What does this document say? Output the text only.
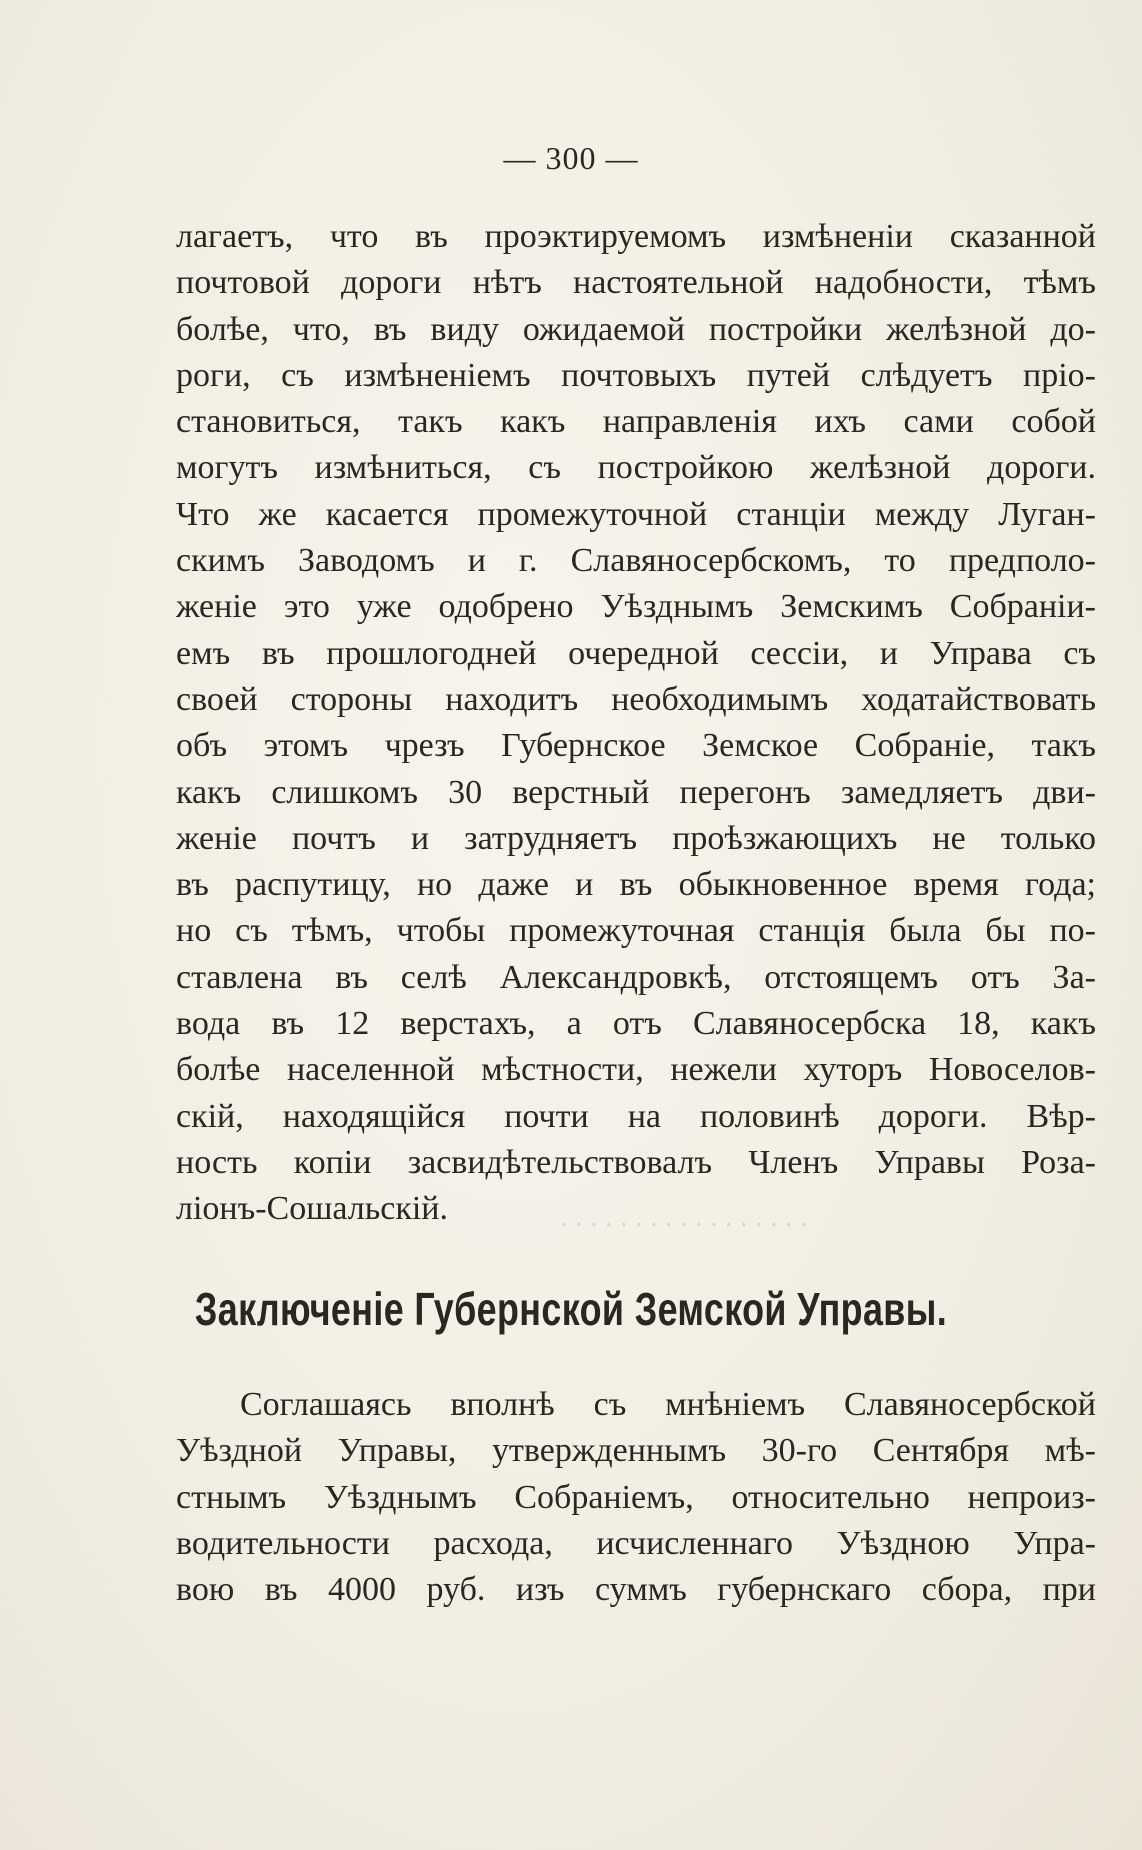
. . . . . . . . . . . . . . . . .
— 300 —
лагаетъ, что въ проэктируемомъ измѣненіи сказанной
почтовой дороги нѣтъ настоятельной надобности, тѣмъ
болѣе, что, въ виду ожидаемой постройки желѣзной до-
роги, съ измѣненіемъ почтовыхъ путей слѣдуетъ пріо-
становиться, такъ какъ направленія ихъ сами собой
могутъ измѣниться, съ постройкою желѣзной дороги.
Что же касается промежуточной станціи между Луган-
скимъ Заводомъ и г. Славяносербскомъ, то предполо-
женіе это уже одобрено Уѣзднымъ Земскимъ Собраніи-
емъ въ прошлогодней очередной сессіи, и Управа съ
своей стороны находитъ необходимымъ ходатайствовать
объ этомъ чрезъ Губернское Земское Собраніе, такъ
какъ слишкомъ 30 верстный перегонъ замедляетъ дви-
женіе почтъ и затрудняетъ проѣзжающихъ не только
въ распутицу, но даже и въ обыкновенное время года;
но съ тѣмъ, чтобы промежуточная станція была бы по-
ставлена въ селѣ Александровкѣ, отстоящемъ отъ За-
вода въ 12 верстахъ, а отъ Славяносербска 18, какъ
болѣе населенной мѣстности, нежели хуторъ Новоселов-
скій, находящійся почти на половинѣ дороги. Вѣр-
ность копіи засвидѣтельствовалъ Членъ Управы Роза-
ліонъ-Сошальскій.
Заключеніе Губернской Земской Управы.
Соглашаясь вполнѣ съ мнѣніемъ Славяносербской
Уѣздной Управы, утвержденнымъ 30-го Сентября мѣ-
стнымъ Уѣзднымъ Собраніемъ, относительно непроиз-
водительности расхода, исчисленнаго Уѣздною Упра-
вою въ 4000 руб. изъ суммъ губернскаго сбора, при
